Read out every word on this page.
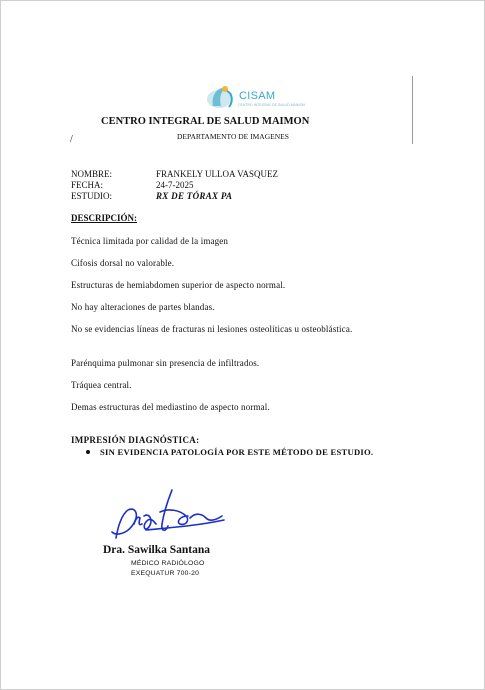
CISAM
CENTRO INTEGRAL DE SALUD MAIMON
CENTRO INTEGRAL DE SALUD MAIMON
DEPARTAMENTO DE IMAGENES
/
NOMBRE:	FRANKELY ULLOA VASQUEZ
FECHA:	24-7-2025
ESTUDIO:	RX DE TÓRAX PA
DESCRIPCIÓN:
Técnica limitada por calidad de la imagen
Cifosis dorsal no valorable.
Estructuras de hemiabdomen superior de aspecto normal.
No hay alteraciones de partes blandas.
No se evidencias líneas de fracturas ni lesiones osteolíticas u osteoblástica.
Parénquima pulmonar sin presencia de infiltrados.
Tráquea central.
Demas estructuras del mediastino de aspecto normal.
IMPRESIÓN DIAGNÓSTICA:
SIN EVIDENCIA PATOLOGÍA POR ESTE MÉTODO DE ESTUDIO.
Dra. Sawilka Santana
MÉDICO RADIÓLOGO
EXEQUATUR 700-20
